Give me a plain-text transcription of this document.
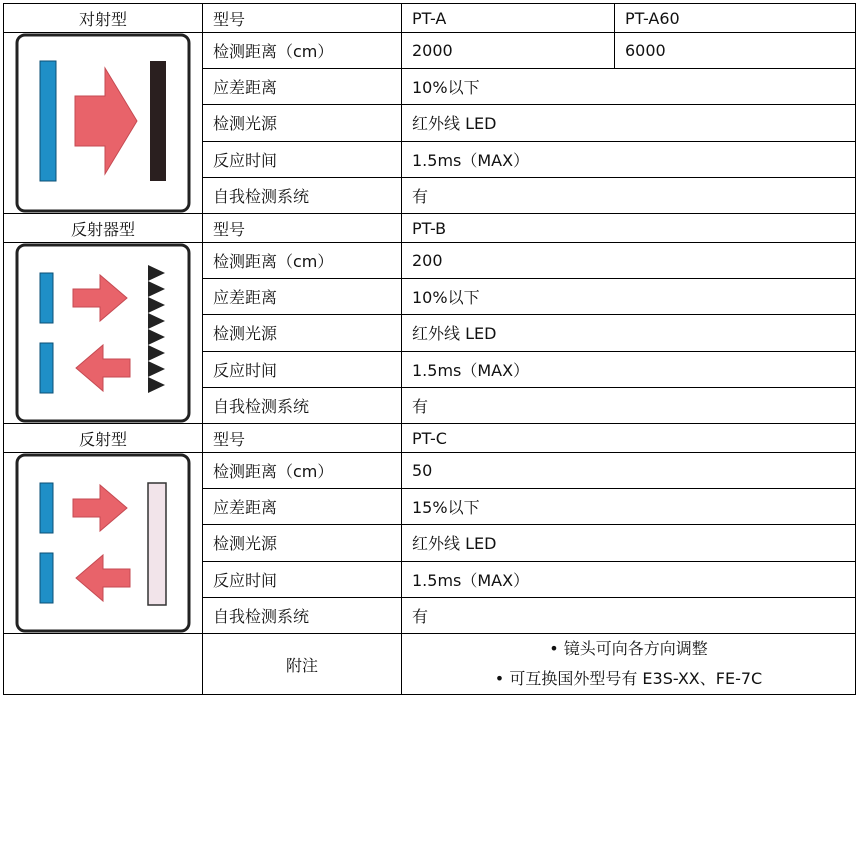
对射型	型号	PT-A	PT-A60

	检测距离（cm）	2000	6000
	应差距离	10%以下	
	检测光源	红外线 LED	
	反应时间	1.5ms（MAX）	
	自我检测系统	有	
反射器型	型号	PT-B	

	检测距离（cm）	200	
	应差距离	10%以下	
	检测光源	红外线 LED	
	反应时间	1.5ms（MAX）	
	自我检测系统	有	
反射型	型号	PT-C	

	检测距离（cm）	50	
	应差距离	15%以下	
	检测光源	红外线 LED	
	反应时间	1.5ms（MAX）	
	自我检测系统	有	
	附注	• 镜头可向各方向调整
• 可互换国外型号有 E3S-XX、FE-7C	
